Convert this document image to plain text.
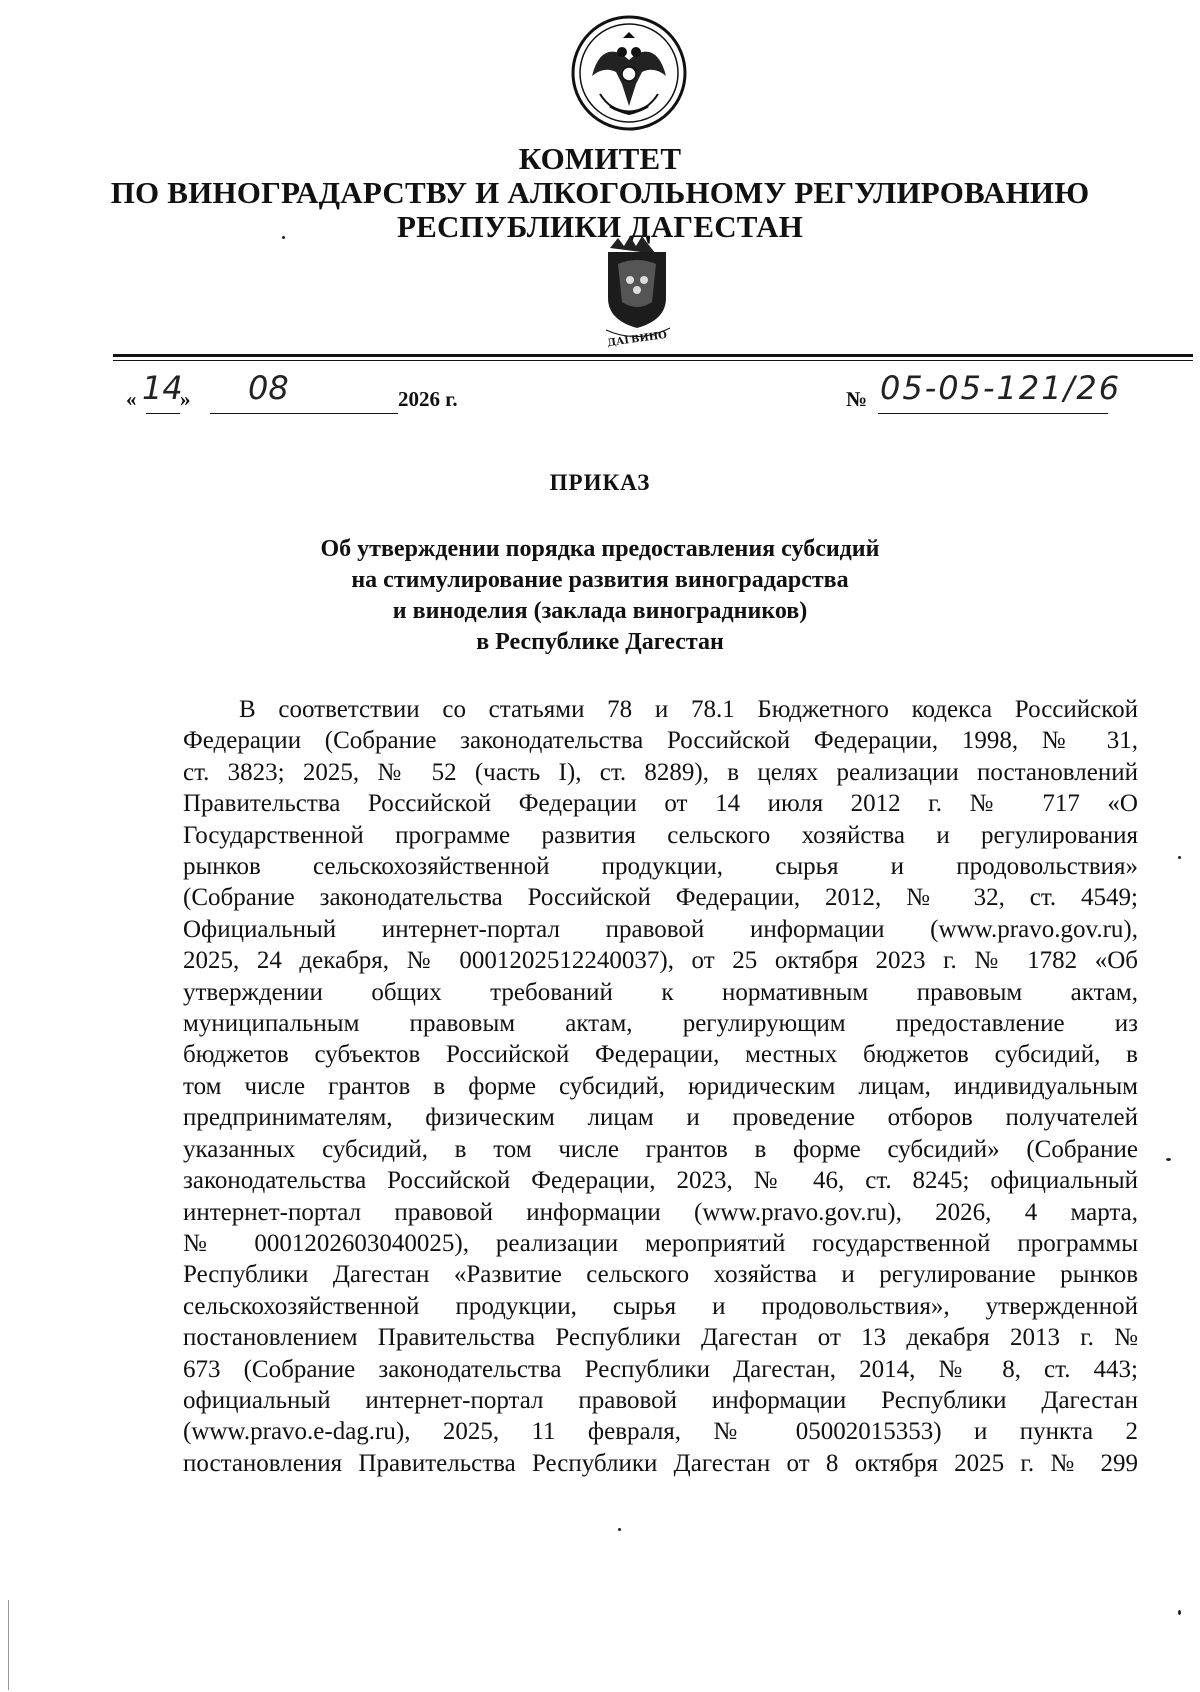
КОМИТЕТ
ПО ВИНОГРАДАРСТВУ И АЛКОГОЛЬНОМУ РЕГУЛИРОВАНИЮ
РЕСПУБЛИКИ ДАГЕСТАН
ДАГВИНО
« 14
» 08	2026 г.	№ 05-05-121/26
ПРИКАЗ
Об утверждении порядка предоставления субсидий
на стимулирование развития виноградарства
и виноделия (заклада виноградников)
в Республике Дагестан
В соответствии со статьями 78 и 78.1 Бюджетного кодекса Российской
Федерации (Собрание законодательства Российской Федерации, 1998, № 31,
ст. 3823; 2025, № 52 (часть I), ст. 8289), в целях реализации постановлений
Правительства Российской Федерации от 14 июля 2012 г. № 717 «О
Государственной программе развития сельского хозяйства и регулирования
рынков сельскохозяйственной продукции, сырья и продовольствия»
(Собрание законодательства Российской Федерации, 2012, № 32, ст. 4549;
Официальный интернет-портал правовой информации (www.pravo.gov.ru),
2025, 24 декабря, № 0001202512240037), от 25 октября 2023 г. № 1782 «Об
утверждении общих требований к нормативным правовым актам,
муниципальным правовым актам, регулирующим предоставление из
бюджетов субъектов Российской Федерации, местных бюджетов субсидий, в
том числе грантов в форме субсидий, юридическим лицам, индивидуальным
предпринимателям, физическим лицам и проведение отборов получателей
указанных субсидий, в том числе грантов в форме субсидий» (Собрание
законодательства Российской Федерации, 2023, № 46, ст. 8245; официальный
интернет-портал правовой информации (www.pravo.gov.ru), 2026, 4 марта,
№ 0001202603040025), реализации мероприятий государственной программы
Республики Дагестан «Развитие сельского хозяйства и регулирование рынков
сельскохозяйственной продукции, сырья и продовольствия», утвержденной
постановлением Правительства Республики Дагестан от 13 декабря 2013 г. №
673 (Собрание законодательства Республики Дагестан, 2014, № 8, ст. 443;
официальный интернет-портал правовой информации Республики Дагестан
(www.pravo.e-dag.ru), 2025, 11 февраля, № 05002015353) и пункта 2
постановления Правительства Республики Дагестан от 8 октября 2025 г. № 299
